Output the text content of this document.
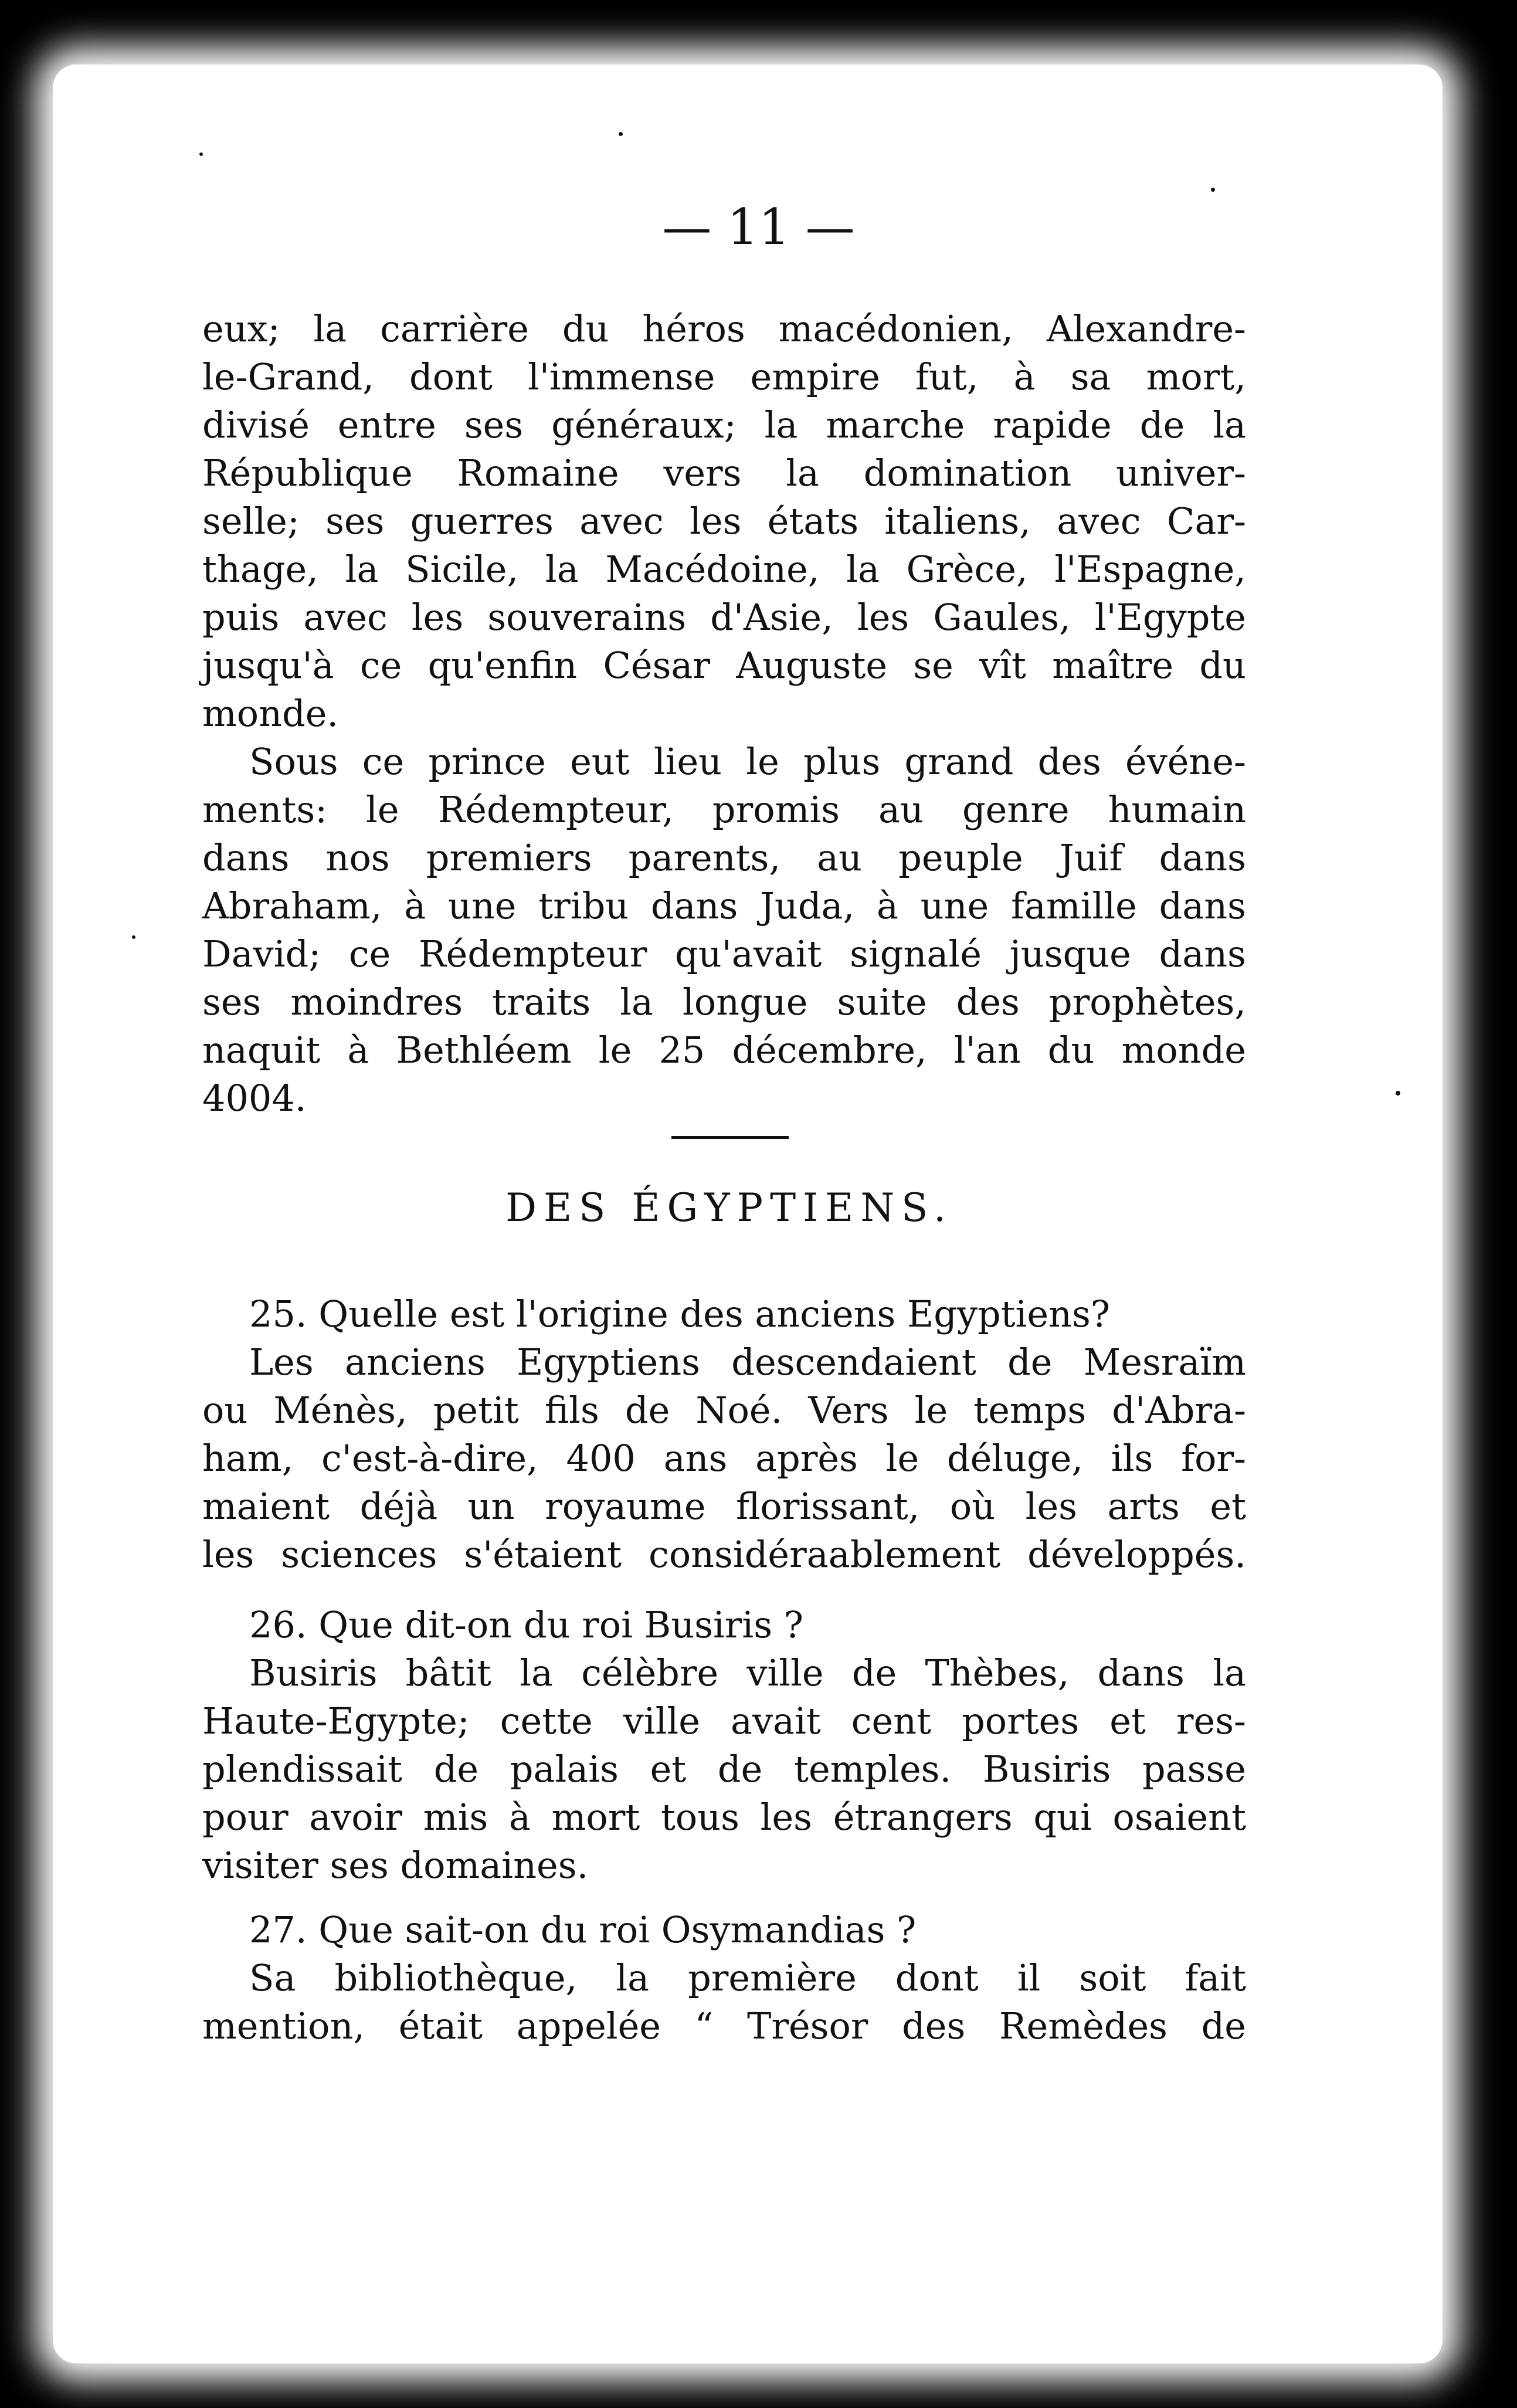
— 11 —
eux; la carrière du héros macédonien, Alexandre-
le-Grand, dont l'immense empire fut, à sa mort,
divisé entre ses généraux; la marche rapide de la
République Romaine vers la domination univer-
selle; ses guerres avec les états italiens, avec Car-
thage, la Sicile, la Macédoine, la Grèce, l'Espagne,
puis avec les souverains d'Asie, les Gaules, l'Egypte
jusqu'à ce qu'enfin César Auguste se vît maître du
monde.
Sous ce prince eut lieu le plus grand des événe-
ments: le Rédempteur, promis au genre humain
dans nos premiers parents, au peuple Juif dans
Abraham, à une tribu dans Juda, à une famille dans
David; ce Rédempteur qu'avait signalé jusque dans
ses moindres traits la longue suite des prophètes,
naquit à Bethléem le 25 décembre, l'an du monde
4004.
DES ÉGYPTIENS.
25. Quelle est l'origine des anciens Egyptiens?
Les anciens Egyptiens descendaient de Mesraïm
ou Ménès, petit fils de Noé. Vers le temps d'Abra-
ham, c'est-à-dire, 400 ans après le déluge, ils for-
maient déjà un royaume florissant, où les arts et
les sciences s'étaient considéraablement développés.
26. Que dit-on du roi Busiris ?
Busiris bâtit la célèbre ville de Thèbes, dans la
Haute-Egypte; cette ville avait cent portes et res-
plendissait de palais et de temples. Busiris passe
pour avoir mis à mort tous les étrangers qui osaient
visiter ses domaines.
27. Que sait-on du roi Osymandias ?
Sa bibliothèque, la première dont il soit fait
mention, était appelée “ Trésor des Remèdes de
